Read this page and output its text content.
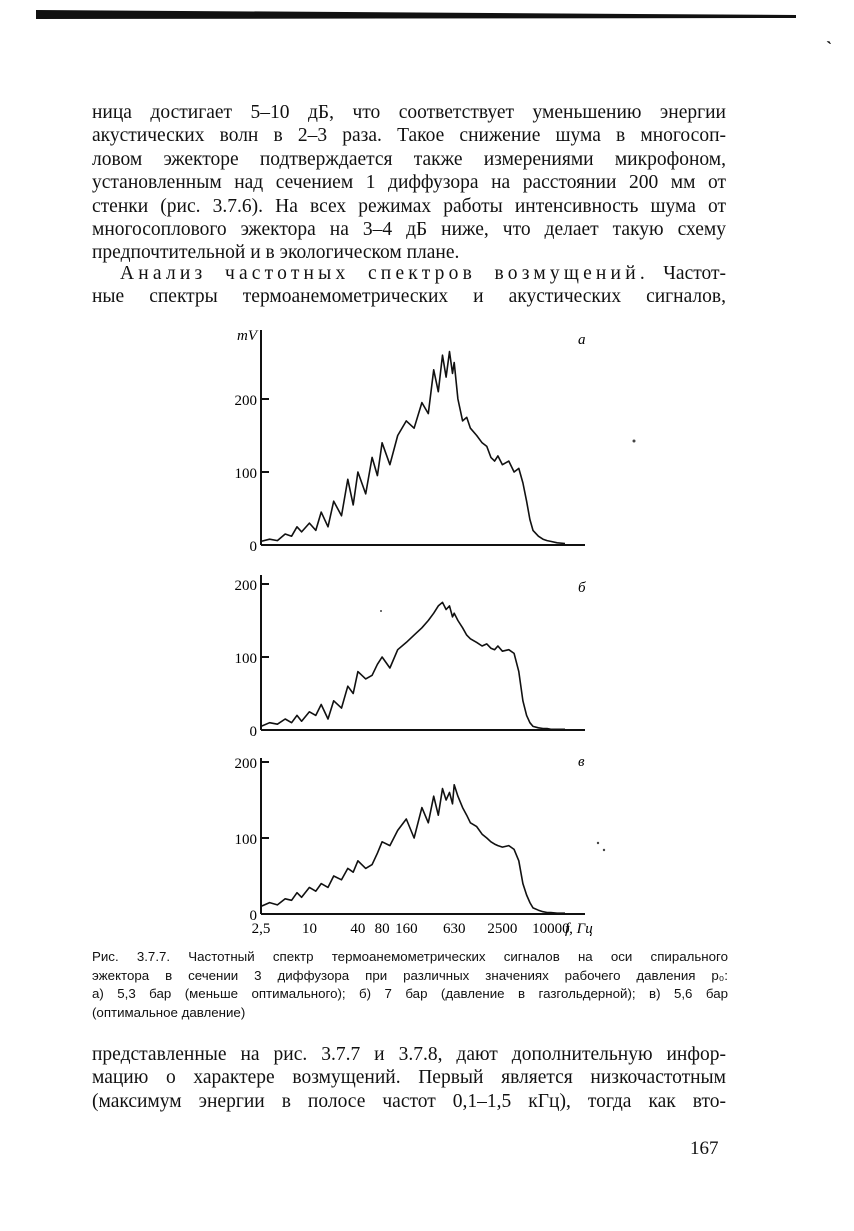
ˎ
ница достигает 5–10 дБ, что соответствует уменьшению энергии
акустических волн в 2–3 раза. Такое снижение шума в многосоп-
ловом эжекторе подтверждается также измерениями микрофоном,
установленным над сечением 1 диффузора на расстоянии 200 мм от
стенки (рис. 3.7.6). На всех режимах работы интенсивность шума от
многосоплового эжектора на 3–4 дБ ниже, что делает такую схему
предпочтительной и в экологическом плане.
Анализ частотных спектров возмущений. Частот-
ные спектры термоанемометрических и акустических сигналов,
0
100
200
mV	а
0
100
200	б
0
100
200	в
2,5 10 40 80 160 630 2500 10000
f, Гц
Рис. 3.7.7. Частотный спектр термоанемометрических сигналов на оси спирального
эжектора в сечении 3 диффузора при различных значениях рабочего давления p₀:
а) 5,3 бар (меньше оптимального); б) 7 бар (давление в газгольдерной); в) 5,6 бар
(оптимальное давление)
представленные на рис. 3.7.7 и 3.7.8, дают дополнительную инфор-
мацию о характере возмущений. Первый является низкочастотным
(максимум энергии в полосе частот 0,1–1,5 кГц), тогда как вто-
167
